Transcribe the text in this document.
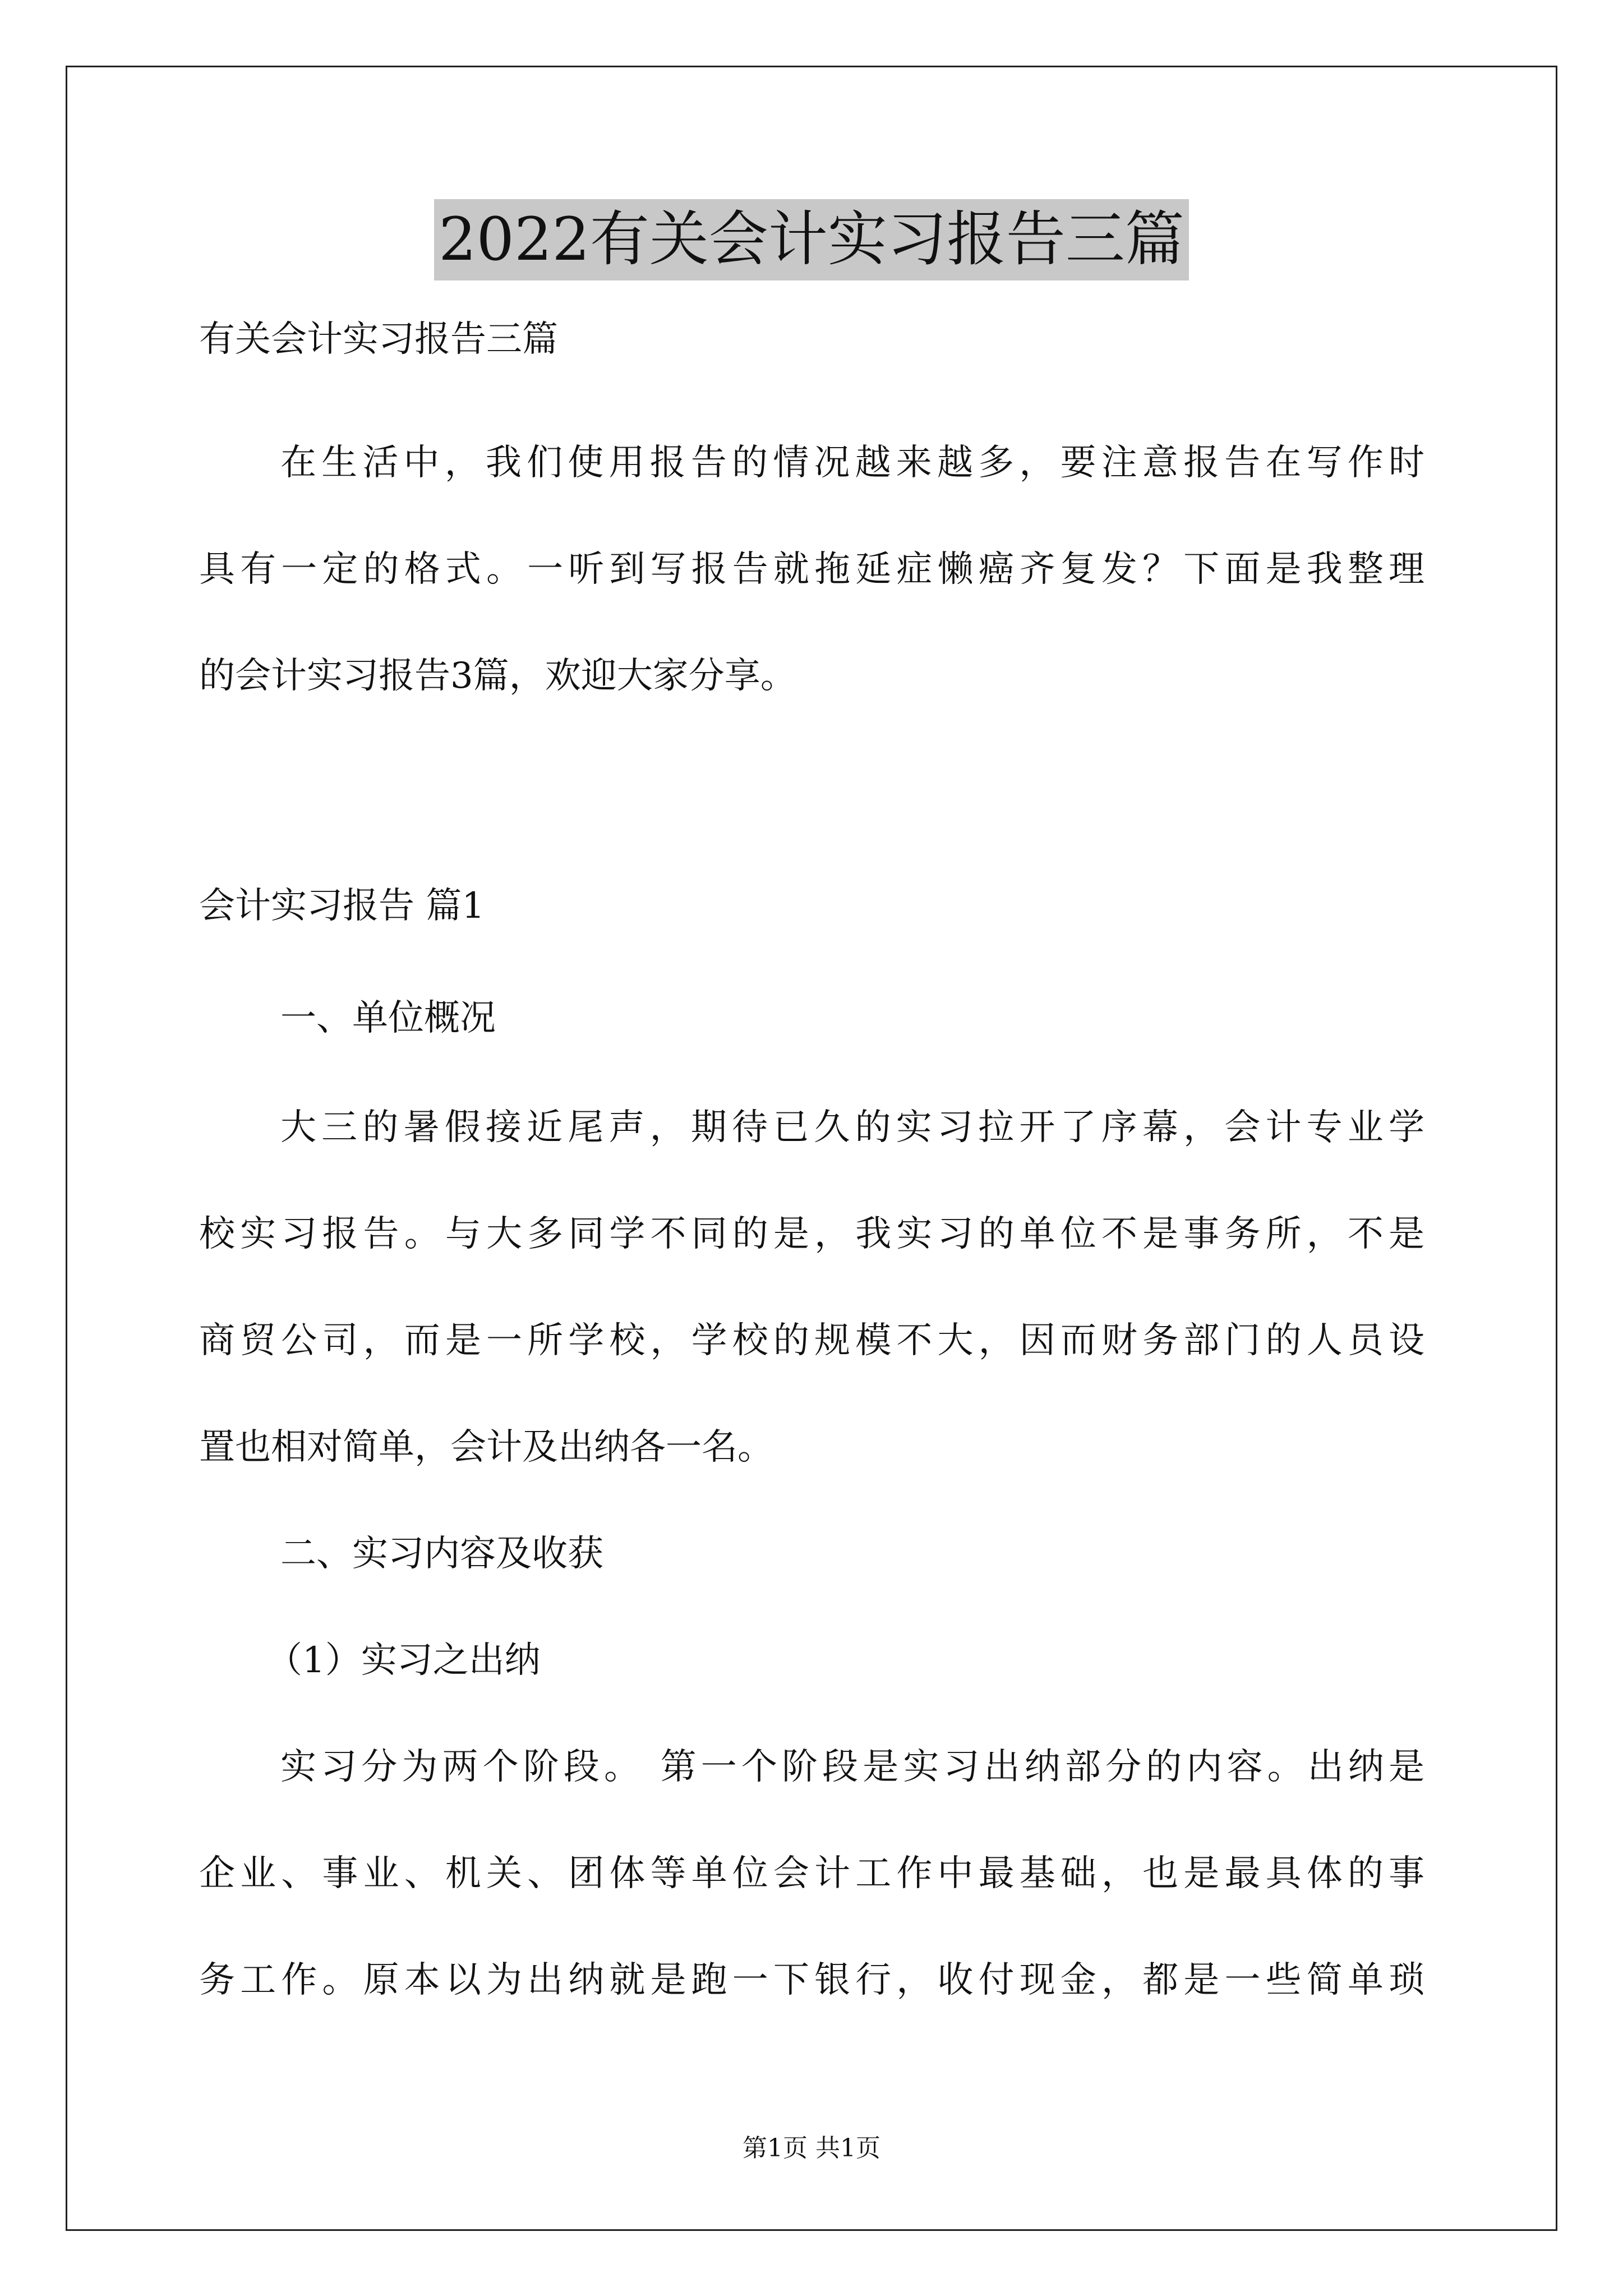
2022有关会计实习报告三篇
有关会计实习报告三篇
在生活中，我们使用报告的情况越来越多，要注意报告在写作时
具有一定的格式。一听到写报告就拖延症懒癌齐复发？下面是我整理
的会计实习报告3篇，欢迎大家分享。
会计实习报告 篇1
一、单位概况
大三的暑假接近尾声，期待已久的实习拉开了序幕，会计专业学
校实习报告。与大多同学不同的是，我实习的单位不是事务所，不是
商贸公司，而是一所学校，学校的规模不大，因而财务部门的人员设
置也相对简单，会计及出纳各一名。
二、实习内容及收获
（1）实习之出纳
实习分为两个阶段。 第一个阶段是实习出纳部分的内容。出纳是
企业、事业、机关、团体等单位会计工作中最基础，也是最具体的事
务工作。原本以为出纳就是跑一下银行，收付现金，都是一些简单琐
第1页 共1页
